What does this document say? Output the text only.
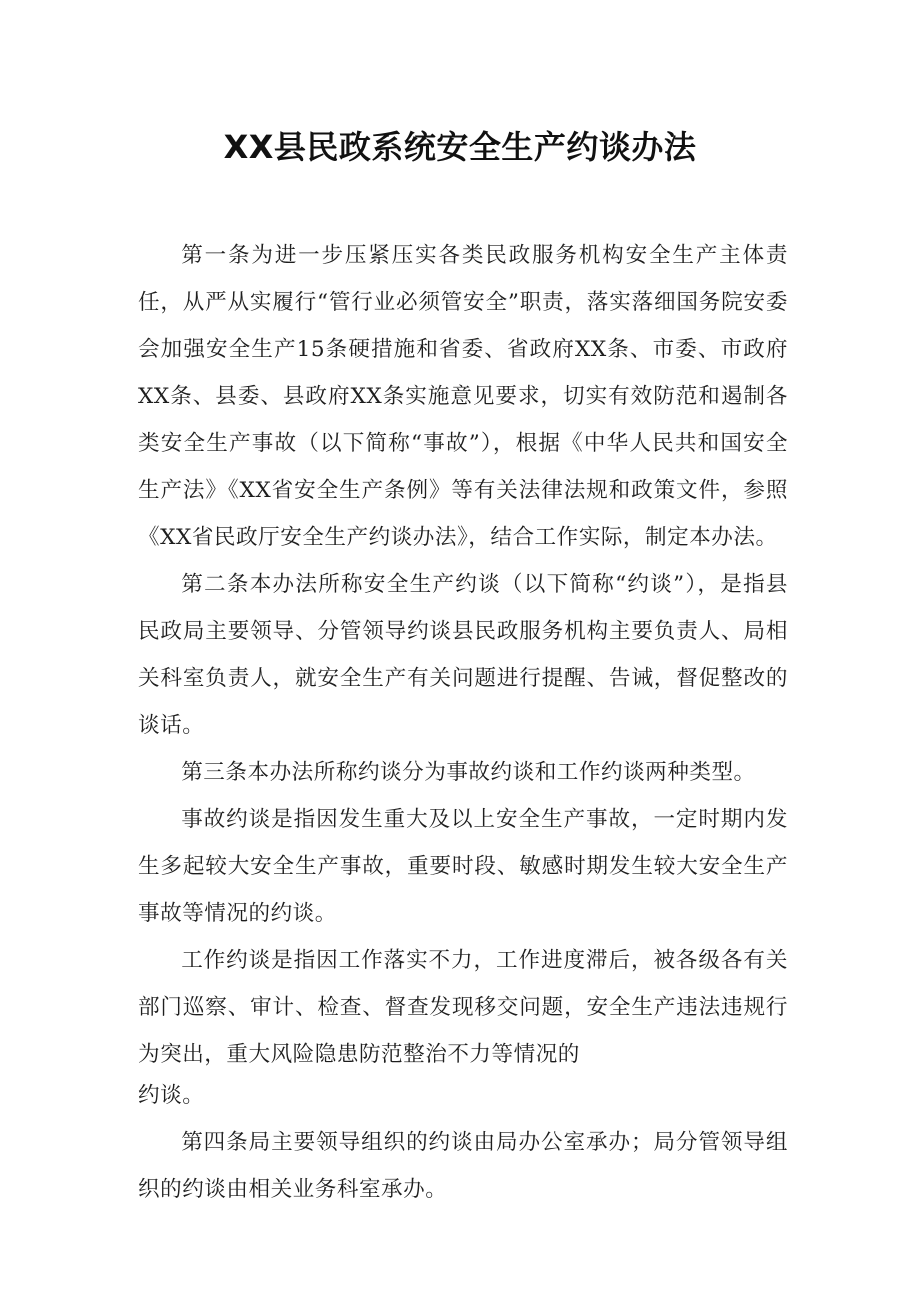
XX县民政系统安全生产约谈办法

第一条为进一步压紧压实各类民政服务机构安全生产主体责任，从严从实履行“管行业必须管安全”职责，落实落细国务院安委会加强安全生产15条硬措施和省委、省政府XX条、市委、市政府XX条、县委、县政府XX条实施意见要求，切实有效防范和遏制各类安全生产事故（以下简称“事故”），根据《中华人民共和国安全生产法》《XX省安全生产条例》等有关法律法规和政策文件，参照《XX省民政厅安全生产约谈办法》，结合工作实际，制定本办法。

第二条本办法所称安全生产约谈（以下简称“约谈”），是指县民政局主要领导、分管领导约谈县民政服务机构主要负责人、局相关科室负责人，就安全生产有关问题进行提醒、告诫，督促整改的谈话。

第三条本办法所称约谈分为事故约谈和工作约谈两种类型。

事故约谈是指因发生重大及以上安全生产事故，一定时期内发生多起较大安全生产事故，重要时段、敏感时期发生较大安全生产事故等情况的约谈。

工作约谈是指因工作落实不力，工作进度滞后，被各级各有关部门巡察、审计、检查、督查发现移交问题，安全生产违法违规行为突出，重大风险隐患防范整治不力等情况的

约谈。

第四条局主要领导组织的约谈由局办公室承办；局分管领导组织的约谈由相关业务科室承办。
